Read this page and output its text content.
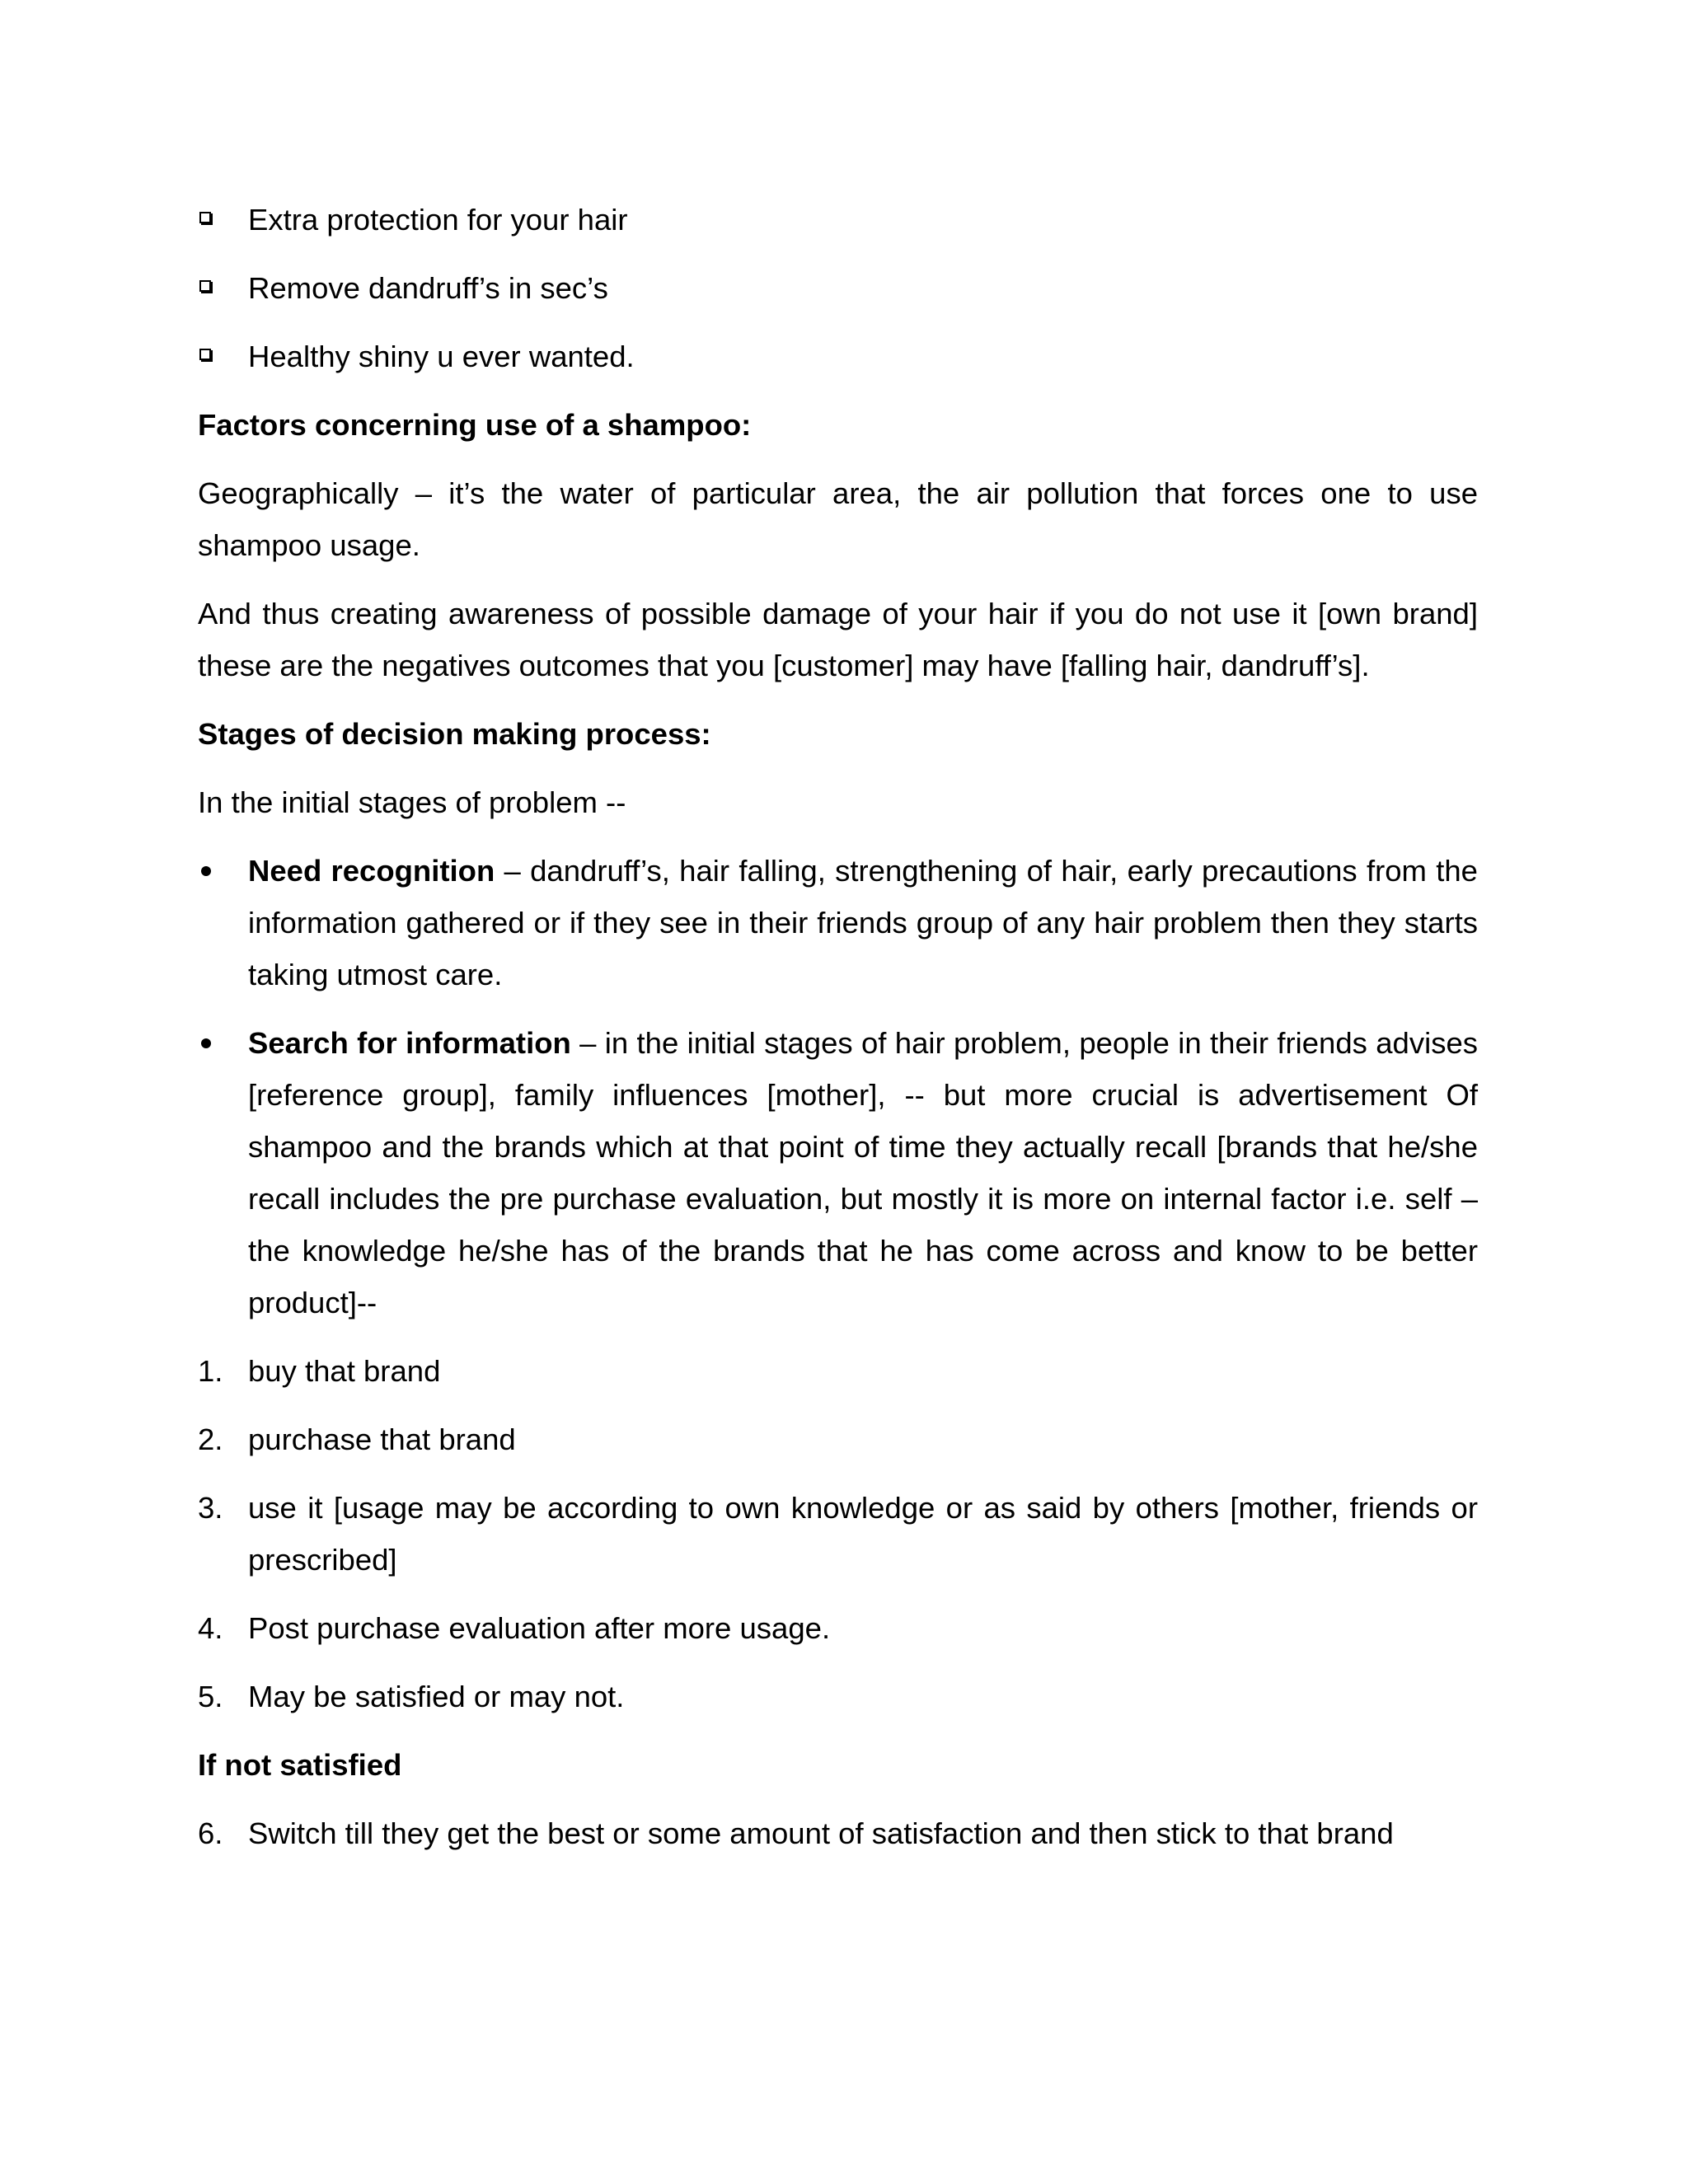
Extra protection for your hair
Remove dandruff’s in sec’s
Healthy shiny u ever wanted.
Factors concerning use of a shampoo:
Geographically – it’s the water of particular area, the air pollution that forces one to use shampoo usage.
And thus creating awareness of possible damage of your hair if you do not use it [own brand] these are the negatives outcomes that you [customer] may have [falling hair, dandruff’s].
Stages of decision making process:
In the initial stages of problem --
Need recognition – dandruff’s, hair falling, strengthening of hair, early precautions from the information gathered or if they see in their friends group of any hair problem then they starts taking utmost care.
Search for information – in the initial stages of hair problem, people in their friends advises [reference group], family influences [mother], -- but more crucial is advertisement Of shampoo and the brands which at that point of time they actually recall [brands that he/she recall includes the pre purchase evaluation, but mostly it is more on internal factor i.e. self – the knowledge he/she has of the brands that he has come across and know to be better product]--
1. buy that brand
2. purchase that brand
3. use it [usage may be according to own knowledge or as said by others [mother, friends or prescribed]
4. Post purchase evaluation after more usage.
5. May be satisfied or may not.
If not satisfied
6. Switch till they get the best or some amount of satisfaction and then stick to that brand
